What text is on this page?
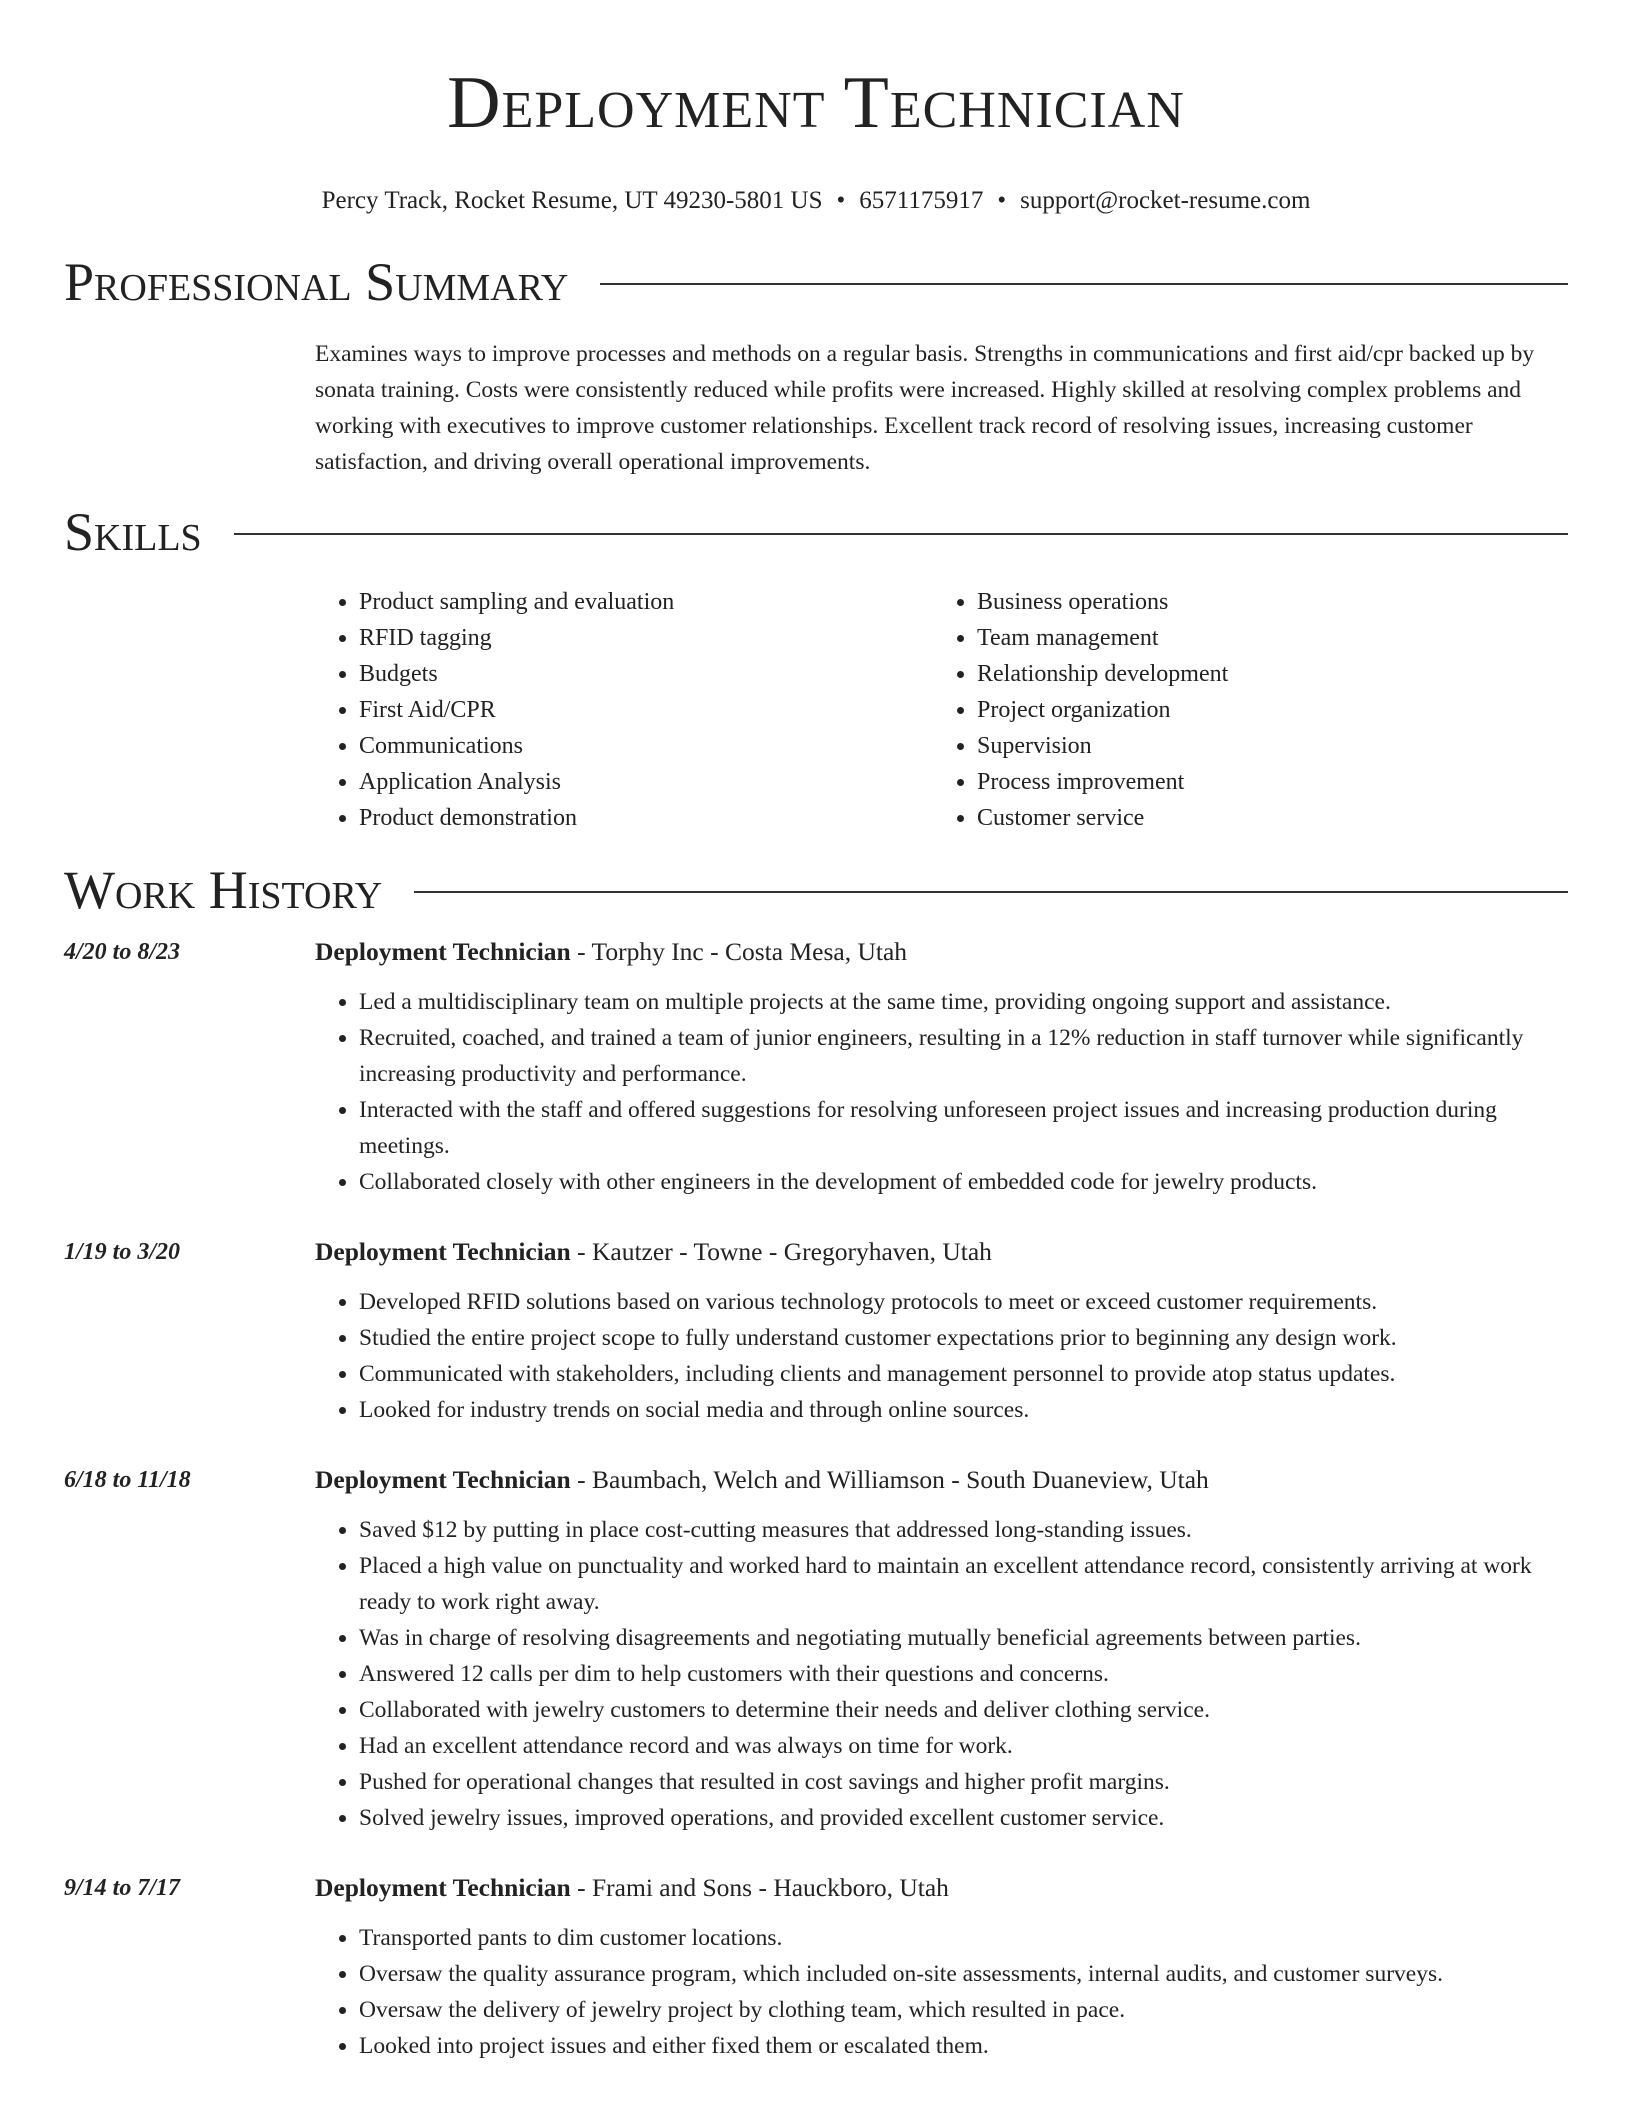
Deployment Technician
Percy Track, Rocket Resume, UT 49230-5801 US • 6571175917 • support@rocket-resume.com
Professional Summary
Examines ways to improve processes and methods on a regular basis. Strengths in communications and first aid/cpr backed up by sonata training. Costs were consistently reduced while profits were increased. Highly skilled at resolving complex problems and working with executives to improve customer relationships. Excellent track record of resolving issues, increasing customer satisfaction, and driving overall operational improvements.
Skills
• Product sampling and evaluation
• RFID tagging
• Budgets
• First Aid/CPR
• Communications
• Application Analysis
• Product demonstration
• Business operations
• Team management
• Relationship development
• Project organization
• Supervision
• Process improvement
• Customer service
Work History
4/20 to 8/23	Deployment Technician - Torphy Inc - Costa Mesa, Utah
• Led a multidisciplinary team on multiple projects at the same time, providing ongoing support and assistance.
• Recruited, coached, and trained a team of junior engineers, resulting in a 12% reduction in staff turnover while significantly increasing productivity and performance.
• Interacted with the staff and offered suggestions for resolving unforeseen project issues and increasing production during meetings.
• Collaborated closely with other engineers in the development of embedded code for jewelry products.
1/19 to 3/20	Deployment Technician - Kautzer - Towne - Gregoryhaven, Utah
• Developed RFID solutions based on various technology protocols to meet or exceed customer requirements.
• Studied the entire project scope to fully understand customer expectations prior to beginning any design work.
• Communicated with stakeholders, including clients and management personnel to provide atop status updates.
• Looked for industry trends on social media and through online sources.
6/18 to 11/18	Deployment Technician - Baumbach, Welch and Williamson - South Duaneview, Utah
• Saved $12 by putting in place cost-cutting measures that addressed long-standing issues.
• Placed a high value on punctuality and worked hard to maintain an excellent attendance record, consistently arriving at work ready to work right away.
• Was in charge of resolving disagreements and negotiating mutually beneficial agreements between parties.
• Answered 12 calls per dim to help customers with their questions and concerns.
• Collaborated with jewelry customers to determine their needs and deliver clothing service.
• Had an excellent attendance record and was always on time for work.
• Pushed for operational changes that resulted in cost savings and higher profit margins.
• Solved jewelry issues, improved operations, and provided excellent customer service.
9/14 to 7/17	Deployment Technician - Frami and Sons - Hauckboro, Utah
• Transported pants to dim customer locations.
• Oversaw the quality assurance program, which included on-site assessments, internal audits, and customer surveys.
• Oversaw the delivery of jewelry project by clothing team, which resulted in pace.
• Looked into project issues and either fixed them or escalated them.
